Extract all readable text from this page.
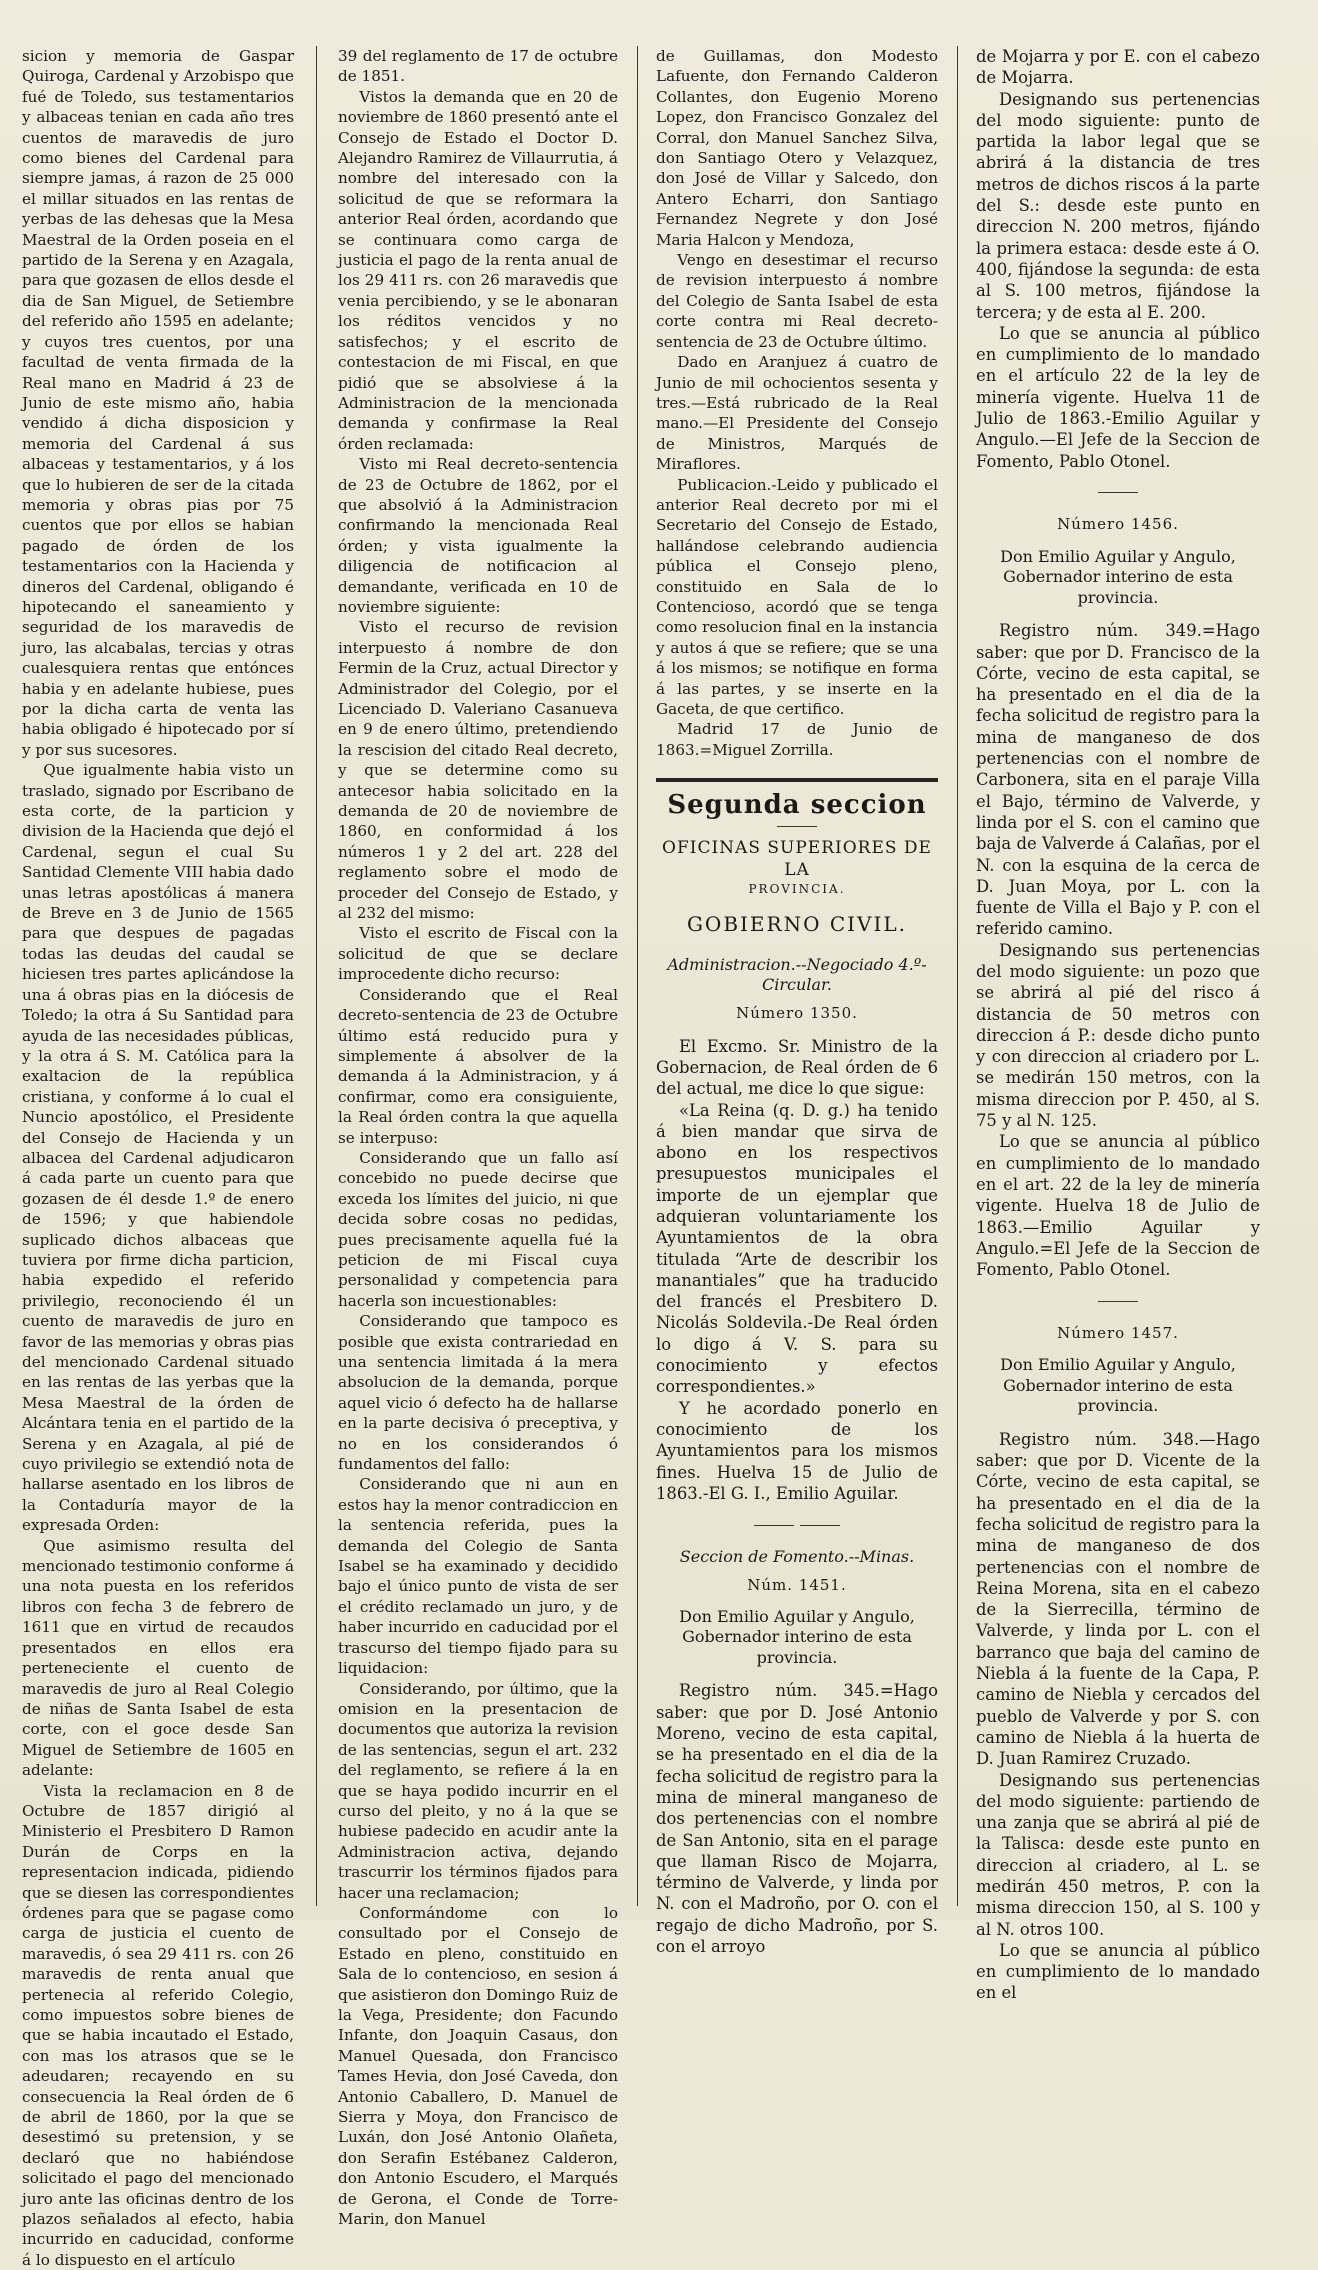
sicion y memoria de Gaspar Quiroga, Cardenal y Arzobispo que fué de Toledo, sus testamentarios y albaceas tenian en cada año tres cuentos de maravedis de juro como bienes del Cardenal para siempre jamas, á razon de 25 000 el millar situados en las rentas de yerbas de las dehesas que la Mesa Maestral de la Orden poseia en el partido de la Serena y en Azagala, para que gozasen de ellos desde el dia de San Miguel, de Setiembre del referido año 1595 en adelante; y cuyos tres cuentos, por una facultad de venta firmada de la Real mano en Madrid á 23 de Junio de este mismo año, habia vendido á dicha disposicion y memoria del Cardenal á sus albaceas y testamentarios, y á los que lo hubieren de ser de la citada memoria y obras pias por 75 cuentos que por ellos se habian pagado de órden de los testamentarios con la Hacienda y dineros del Cardenal, obligando é hipotecando el saneamiento y seguridad de los maravedis de juro, las alcabalas, tercias y otras cualesquiera rentas que entónces habia y en adelante hubiese, pues por la dicha carta de venta las habia obligado é hipotecado por sí y por sus sucesores.

Que igualmente habia visto un traslado, signado por Escribano de esta corte, de la particion y division de la Hacienda que dejó el Cardenal, segun el cual Su Santidad Clemente VIII habia dado unas letras apostólicas á manera de Breve en 3 de Junio de 1565 para que despues de pagadas todas las deudas del caudal se hiciesen tres partes aplicándose la una á obras pias en la diócesis de Toledo; la otra á Su Santidad para ayuda de las necesidades públicas, y la otra á S. M. Católica para la exaltacion de la república cristiana, y conforme á lo cual el Nuncio apostólico, el Presidente del Consejo de Hacienda y un albacea del Cardenal adjudicaron á cada parte un cuento para que gozasen de él desde 1.º de enero de 1596; y que habiendole suplicado dichos albaceas que tuviera por firme dicha particion, habia expedido el referido privilegio, reconociendo él un cuento de maravedis de juro en favor de las memorias y obras pias del mencionado Cardenal situado en las rentas de las yerbas que la Mesa Maestral de la órden de Alcántara tenia en el partido de la Serena y en Azagala, al pié de cuyo privilegio se extendió nota de hallarse asentado en los libros de la Contaduría mayor de la expresada Orden:

Que asimismo resulta del mencionado testimonio conforme á una nota puesta en los referidos libros con fecha 3 de febrero de 1611 que en virtud de recaudos presentados en ellos era perteneciente el cuento de maravedis de juro al Real Colegio de niñas de Santa Isabel de esta corte, con el goce desde San Miguel de Setiembre de 1605 en adelante:

Vista la reclamacion en 8 de Octubre de 1857 dirigió al Ministerio el Presbitero D Ramon Durán de Corps en la representacion indicada, pidiendo que se diesen las correspondientes órdenes para que se pagase como carga de justicia el cuento de maravedis, ó sea 29 411 rs. con 26 maravedis de renta anual que pertenecia al referido Colegio, como impuestos sobre bienes de que se habia incautado el Estado, con mas los atrasos que se le adeudaren; recayendo en su consecuencia la Real órden de 6 de abril de 1860, por la que se desestimó su pretension, y se declaró que no habiéndose solicitado el pago del mencionado juro ante las oficinas dentro de los plazos señalados al efecto, habia incurrido en caducidad, conforme á lo dispuesto en el artículo

39 del reglamento de 17 de octubre de 1851.

Vistos la demanda que en 20 de noviembre de 1860 presentó ante el Consejo de Estado el Doctor D. Alejandro Ramirez de Villaurrutia, á nombre del interesado con la solicitud de que se reformara la anterior Real órden, acordando que se continuara como carga de justicia el pago de la renta anual de los 29 411 rs. con 26 maravedis que venia percibiendo, y se le abonaran los réditos vencidos y no satisfechos; y el escrito de contestacion de mi Fiscal, en que pidió que se absolviese á la Administracion de la mencionada demanda y confirmase la Real órden reclamada:

Visto mi Real decreto-sentencia de 23 de Octubre de 1862, por el que absolvió á la Administracion confirmando la mencionada Real órden; y vista igualmente la diligencia de notificacion al demandante, verificada en 10 de noviembre siguiente:

Visto el recurso de revision interpuesto á nombre de don Fermin de la Cruz, actual Director y Administrador del Colegio, por el Licenciado D. Valeriano Casanueva en 9 de enero último, pretendiendo la rescision del citado Real decreto, y que se determine como su antecesor habia solicitado en la demanda de 20 de noviembre de 1860, en conformidad á los números 1 y 2 del art. 228 del reglamento sobre el modo de proceder del Consejo de Estado, y al 232 del mismo:

Visto el escrito de Fiscal con la solicitud de que se declare improcedente dicho recurso:

Considerando que el Real decreto-sentencia de 23 de Octubre último está reducido pura y simplemente á absolver de la demanda á la Administracion, y á confirmar, como era consiguiente, la Real órden contra la que aquella se interpuso:

Considerando que un fallo así concebido no puede decirse que exceda los límites del juicio, ni que decida sobre cosas no pedidas, pues precisamente aquella fué la peticion de mi Fiscal cuya personalidad y competencia para hacerla son incuestionables:

Considerando que tampoco es posible que exista contrariedad en una sentencia limitada á la mera absolucion de la demanda, porque aquel vicio ó defecto ha de hallarse en la parte decisiva ó preceptiva, y no en los considerandos ó fundamentos del fallo:

Considerando que ni aun en estos hay la menor contradiccion en la sentencia referida, pues la demanda del Colegio de Santa Isabel se ha examinado y decidido bajo el único punto de vista de ser el crédito reclamado un juro, y de haber incurrido en caducidad por el trascurso del tiempo fijado para su liquidacion:

Considerando, por último, que la omision en la presentacion de documentos que autoriza la revision de las sentencias, segun el art. 232 del reglamento, se refiere á la en que se haya podido incurrir en el curso del pleito, y no á la que se hubiese padecido en acudir ante la Administracion activa, dejando trascurrir los términos fijados para hacer una reclamacion;

Conformándome con lo consultado por el Consejo de Estado en pleno, constituido en Sala de lo contencioso, en sesion á que asistieron don Domingo Ruiz de la Vega, Presidente; don Facundo Infante, don Joaquin Casaus, don Manuel Quesada, don Francisco Tames Hevia, don José Caveda, don Antonio Caballero, D. Manuel de Sierra y Moya, don Francisco de Luxán, don José Antonio Olañeta, don Serafin Estébanez Calderon, don Antonio Escudero, el Marqués de Gerona, el Conde de Torre-Marin, don Manuel

de Guillamas, don Modesto Lafuente, don Fernando Calderon Collantes, don Eugenio Moreno Lopez, don Francisco Gonzalez del Corral, don Manuel Sanchez Silva, don Santiago Otero y Velazquez, don José de Villar y Salcedo, don Antero Echarri, don Santiago Fernandez Negrete y don José Maria Halcon y Mendoza,

Vengo en desestimar el recurso de revision interpuesto á nombre del Colegio de Santa Isabel de esta corte contra mi Real decreto-sentencia de 23 de Octubre último.

Dado en Aranjuez á cuatro de Junio de mil ochocientos sesenta y tres.—Está rubricado de la Real mano.—El Presidente del Consejo de Ministros, Marqués de Miraflores.

Publicacion.-Leido y publicado el anterior Real decreto por mi el Secretario del Consejo de Estado, hallándose celebrando audiencia pública el Consejo pleno, constituido en Sala de lo Contencioso, acordó que se tenga como resolucion final en la instancia y autos á que se refiere; que se una á los mismos; se notifique en forma á las partes, y se inserte en la Gaceta, de que certifico.

Madrid 17 de Junio de 1863.=Miguel Zorrilla.

Segunda seccion
OFICINAS SUPERIORES DE LA
PROVINCIA.
GOBIERNO CIVIL.
Administracion.--Negociado 4.º-Circular.
Número 1350.

El Excmo. Sr. Ministro de la Gobernacion, de Real órden de 6 del actual, me dice lo que sigue:

«La Reina (q. D. g.) ha tenido á bien mandar que sirva de abono en los respectivos presupuestos municipales el importe de un ejemplar que adquieran voluntariamente los Ayuntamientos de la obra titulada “Arte de describir los manantiales” que ha traducido del francés el Presbitero D. Nicolás Soldevila.-De Real órden lo digo á V. S. para su conocimiento y efectos correspondientes.»

Y he acordado ponerlo en conocimiento de los Ayuntamientos para los mismos fines. Huelva 15 de Julio de 1863.-El G. I., Emilio Aguilar.

Seccion de Fomento.--Minas.
Núm. 1451.
Don Emilio Aguilar y Angulo, Gobernador interino de esta provincia.

Registro núm. 345.=Hago saber: que por D. José Antonio Moreno, vecino de esta capital, se ha presentado en el dia de la fecha solicitud de registro para la mina de mineral manganeso de dos pertenencias con el nombre de San Antonio, sita en el parage que llaman Risco de Mojarra, término de Valverde, y linda por N. con el Madroño, por O. con el regajo de dicho Madroño, por S. con el arroyo

de Mojarra y por E. con el cabezo de Mojarra.

Designando sus pertenencias del modo siguiente: punto de partida la labor legal que se abrirá á la distancia de tres metros de dichos riscos á la parte del S.: desde este punto en direccion N. 200 metros, fijándo la primera estaca: desde este á O. 400, fijándose la segunda: de esta al S. 100 metros, fijándose la tercera; y de esta al E. 200.

Lo que se anuncia al público en cumplimiento de lo mandado en el artículo 22 de la ley de minería vigente. Huelva 11 de Julio de 1863.-Emilio Aguilar y Angulo.—El Jefe de la Seccion de Fomento, Pablo Otonel.

Número 1456.
Don Emilio Aguilar y Angulo, Gobernador interino de esta provincia.

Registro núm. 349.=Hago saber: que por D. Francisco de la Córte, vecino de esta capital, se ha presentado en el dia de la fecha solicitud de registro para la mina de manganeso de dos pertenencias con el nombre de Carbonera, sita en el paraje Villa el Bajo, término de Valverde, y linda por el S. con el camino que baja de Valverde á Calañas, por el N. con la esquina de la cerca de D. Juan Moya, por L. con la fuente de Villa el Bajo y P. con el referido camino.

Designando sus pertenencias del modo siguiente: un pozo que se abrirá al pié del risco á distancia de 50 metros con direccion á P.: desde dicho punto y con direccion al criadero por L. se medirán 150 metros, con la misma direccion por P. 450, al S. 75 y al N. 125.

Lo que se anuncia al público en cumplimiento de lo mandado en el art. 22 de la ley de minería vigente. Huelva 18 de Julio de 1863.—Emilio Aguilar y Angulo.=El Jefe de la Seccion de Fomento, Pablo Otonel.

Número 1457.
Don Emilio Aguilar y Angulo, Gobernador interino de esta provincia.

Registro núm. 348.—Hago saber: que por D. Vicente de la Córte, vecino de esta capital, se ha presentado en el dia de la fecha solicitud de registro para la mina de manganeso de dos pertenencias con el nombre de Reina Morena, sita en el cabezo de la Sierrecilla, término de Valverde, y linda por L. con el barranco que baja del camino de Niebla á la fuente de la Capa, P. camino de Niebla y cercados del pueblo de Valverde y por S. con camino de Niebla á la huerta de D. Juan Ramirez Cruzado.

Designando sus pertenencias del modo siguiente: partiendo de una zanja que se abrirá al pié de la Talisca: desde este punto en direccion al criadero, al L. se medirán 450 metros, P. con la misma direccion 150, al S. 100 y al N. otros 100.

Lo que se anuncia al público en cumplimiento de lo mandado en el
